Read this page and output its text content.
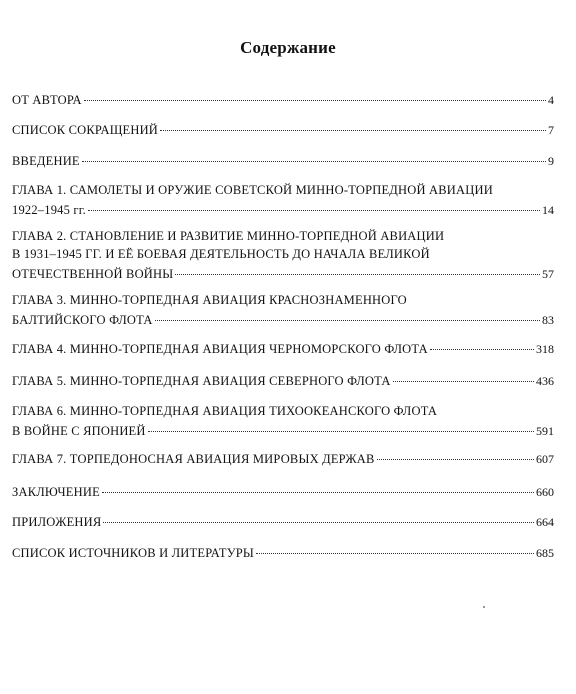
Содержание
ОТ АВТОРА	4
СПИСОК СОКРАЩЕНИЙ	7
ВВЕДЕНИЕ	9
ГЛАВА 1. САМОЛЕТЫ И ОРУЖИЕ СОВЕТСКОЙ МИННО-ТОРПЕДНОЙ АВИАЦИИ
1922–1945 гг.	14
ГЛАВА 2. СТАНОВЛЕНИЕ И РАЗВИТИЕ МИННО-ТОРПЕДНОЙ АВИАЦИИ
В 1931–1945 ГГ. И ЕЁ БОЕВАЯ ДЕЯТЕЛЬНОСТЬ ДО НАЧАЛА ВЕЛИКОЙ
ОТЕЧЕСТВЕННОЙ ВОЙНЫ	57
ГЛАВА 3. МИННО-ТОРПЕДНАЯ АВИАЦИЯ КРАСНОЗНАМЕННОГО
БАЛТИЙСКОГО ФЛОТА	83
ГЛАВА 4. МИННО-ТОРПЕДНАЯ АВИАЦИЯ ЧЕРНОМОРСКОГО ФЛОТА	318
ГЛАВА 5. МИННО-ТОРПЕДНАЯ АВИАЦИЯ СЕВЕРНОГО ФЛОТА	436
ГЛАВА 6. МИННО-ТОРПЕДНАЯ АВИАЦИЯ ТИХООКЕАНСКОГО ФЛОТА
В ВОЙНЕ С ЯПОНИЕЙ	591
ГЛАВА 7. ТОРПЕДОНОСНАЯ АВИАЦИЯ МИРОВЫХ ДЕРЖАВ	607
ЗАКЛЮЧЕНИЕ	660
ПРИЛОЖЕНИЯ	664
СПИСОК ИСТОЧНИКОВ И ЛИТЕРАТУРЫ	685
